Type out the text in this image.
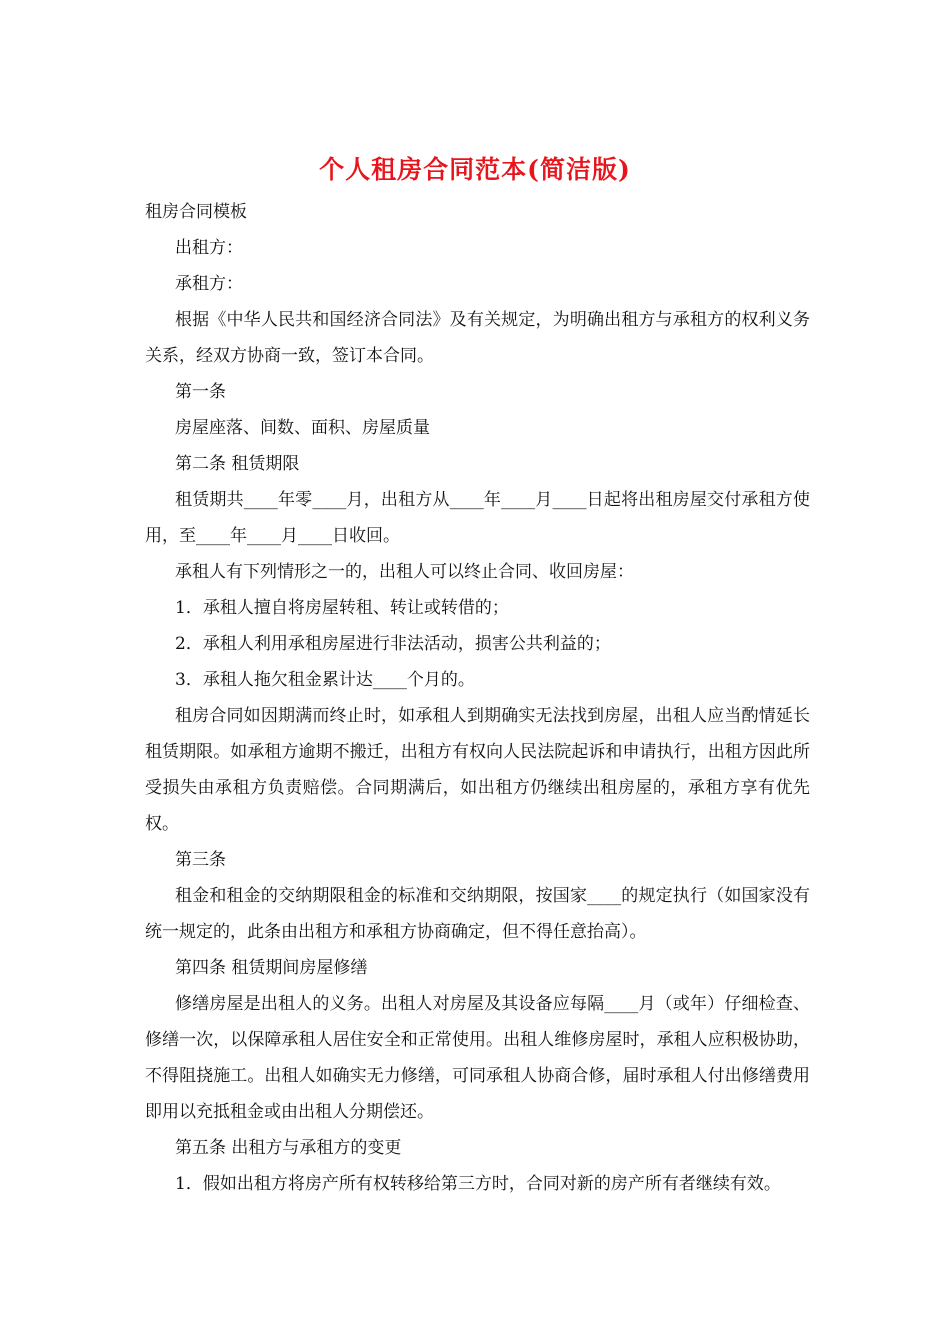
个人租房合同范本(简洁版)

租房合同模板

出租方：

承租方：

根据《中华人民共和国经济合同法》及有关规定，为明确出租方与承租方的权利义务关系，经双方协商一致，签订本合同。

第一条

房屋座落、间数、面积、房屋质量

第二条 租赁期限

租赁期共____年零____月，出租方从____年____月____日起将出租房屋交付承租方使用，至____年____月____日收回。

承租人有下列情形之一的，出租人可以终止合同、收回房屋：

1．承租人擅自将房屋转租、转让或转借的；

2．承租人利用承租房屋进行非法活动，损害公共利益的；

3．承租人拖欠租金累计达____个月的。

租房合同如因期满而终止时，如承租人到期确实无法找到房屋，出租人应当酌情延长租赁期限。如承租方逾期不搬迁，出租方有权向人民法院起诉和申请执行，出租方因此所受损失由承租方负责赔偿。合同期满后，如出租方仍继续出租房屋的，承租方享有优先权。

第三条

租金和租金的交纳期限租金的标准和交纳期限，按国家____的规定执行（如国家没有统一规定的，此条由出租方和承租方协商确定，但不得任意抬高）。

第四条 租赁期间房屋修缮

修缮房屋是出租人的义务。出租人对房屋及其设备应每隔____月（或年）仔细检查、修缮一次，以保障承租人居住安全和正常使用。出租人维修房屋时，承租人应积极协助，不得阻挠施工。出租人如确实无力修缮，可同承租人协商合修，届时承租人付出修缮费用即用以充抵租金或由出租人分期偿还。

第五条 出租方与承租方的变更

1．假如出租方将房产所有权转移给第三方时，合同对新的房产所有者继续有效。
